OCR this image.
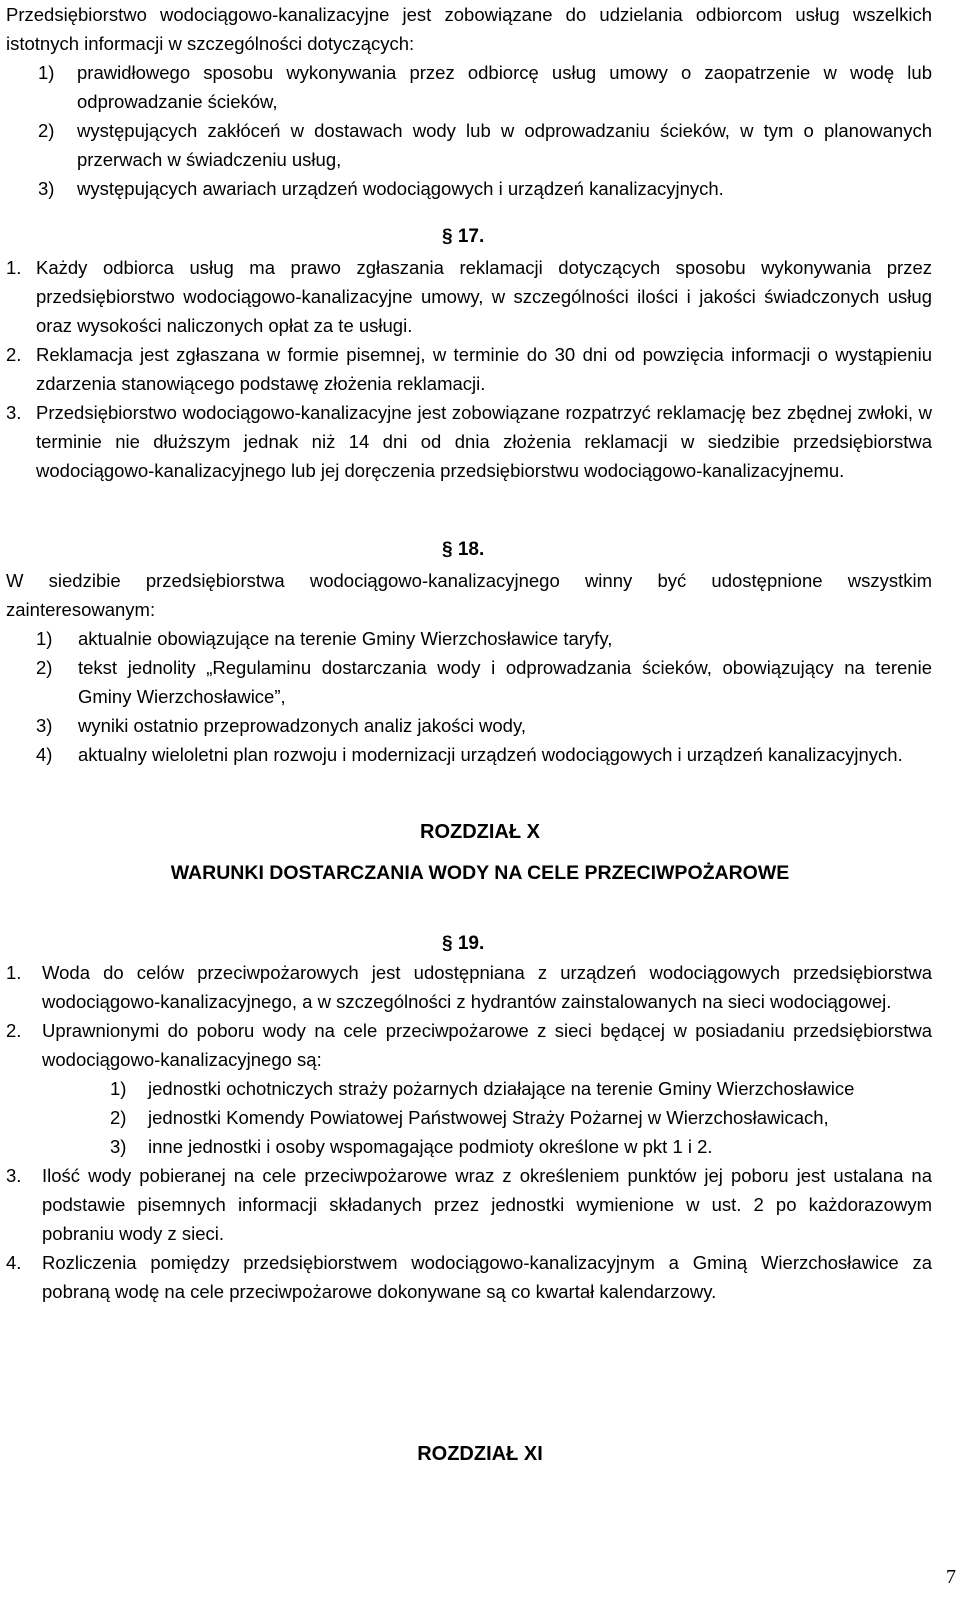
Przedsiębiorstwo wodociągowo-kanalizacyjne jest zobowiązane do udzielania odbiorcom usług wszelkich istotnych informacji w szczególności dotyczących:

1)	prawidłowego sposobu wykonywania przez odbiorcę usług umowy o zaopatrzenie w wodę lub odprowadzanie ścieków,

2)	występujących zakłóceń w dostawach wody lub w odprowadzaniu ścieków, w tym o planowanych przerwach w świadczeniu usług,

3)	występujących awariach urządzeń wodociągowych i urządzeń kanalizacyjnych.

§ 17.
1. Każdy odbiorca usług ma prawo zgłaszania reklamacji dotyczących sposobu wykonywania przez przedsiębiorstwo wodociągowo-kanalizacyjne umowy, w szczególności ilości i jakości świadczonych usług oraz wysokości naliczonych opłat za te usługi.

2. Reklamacja jest zgłaszana w formie pisemnej, w terminie do 30 dni od powzięcia informacji o wystąpieniu zdarzenia stanowiącego podstawę złożenia reklamacji.

3. Przedsiębiorstwo wodociągowo-kanalizacyjne jest zobowiązane rozpatrzyć reklamację bez zbędnej zwłoki, w terminie nie dłuższym jednak niż 14 dni od dnia złożenia reklamacji w siedzibie przedsiębiorstwa wodociągowo-kanalizacyjnego lub jej doręczenia przedsiębiorstwu wodociągowo-kanalizacyjnemu.

§ 18.

W siedzibie przedsiębiorstwa wodociągowo-kanalizacyjnego winny być udostępnione wszystkim zainteresowanym:

1)	aktualnie obowiązujące na terenie Gminy Wierzchosławice taryfy,

2)	tekst jednolity „Regulaminu dostarczania wody i odprowadzania ścieków, obowiązujący na terenie Gminy Wierzchosławice”,

3)	wyniki ostatnio przeprowadzonych analiz jakości wody,

4)	aktualny wieloletni plan rozwoju i modernizacji urządzeń wodociągowych i urządzeń kanalizacyjnych.

ROZDZIAŁ X
WARUNKI DOSTARCZANIA WODY NA CELE PRZECIWPOŻAROWE
§ 19.
1.	Woda do celów przeciwpożarowych jest udostępniana z urządzeń wodociągowych przedsiębiorstwa wodociągowo-kanalizacyjnego, a w szczególności z hydrantów zainstalowanych na sieci wodociągowej.

2.	Uprawnionymi do poboru wody na cele przeciwpożarowe z sieci będącej w posiadaniu przedsiębiorstwa wodociągowo-kanalizacyjnego są:

1)	jednostki ochotniczych straży pożarnych działające na terenie Gminy Wierzchosławice

2)	jednostki Komendy Powiatowej Państwowej Straży Pożarnej w Wierzchosławicach,

3)	inne jednostki i osoby wspomagające podmioty określone w pkt 1 i 2.

3.	Ilość wody pobieranej na cele przeciwpożarowe wraz z określeniem punktów jej poboru jest ustalana na podstawie pisemnych informacji składanych przez jednostki wymienione w ust. 2 po każdorazowym pobraniu wody z sieci.

4.	Rozliczenia pomiędzy przedsiębiorstwem wodociągowo-kanalizacyjnym a Gminą Wierzchosławice za pobraną wodę na cele przeciwpożarowe dokonywane są co kwartał kalendarzowy.

ROZDZIAŁ XI
7
